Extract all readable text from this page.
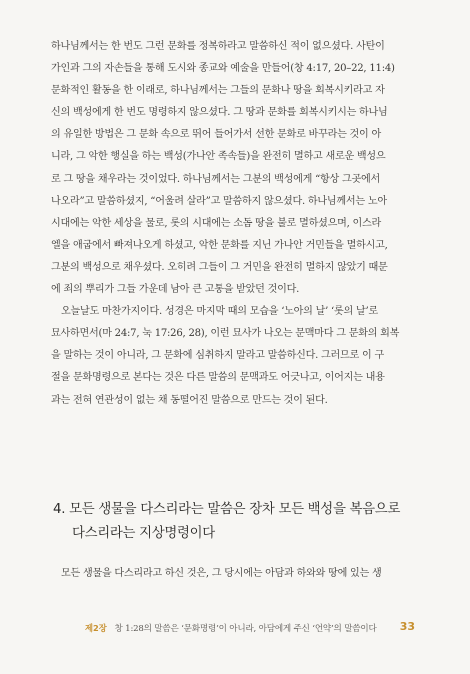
하나님께서는 한 번도 그런 문화를 정복하라고 말씀하신 적이 없으셨다. 사탄이
가인과 그의 자손들을 통해 도시와 종교와 예술을 만들어(창 4:17, 20–22, 11:4)
문화적인 활동을 한 이래로, 하나님께서는 그들의 문화나 땅을 회복시키라고 자
신의 백성에게 한 번도 명령하지 않으셨다. 그 땅과 문화를 회복시키시는 하나님
의 유일한 방법은 그 문화 속으로 뛰어 들어가서 선한 문화로 바꾸라는 것이 아
니라, 그 악한 행실을 하는 백성(가나안 족속들)을 완전히 멸하고 새로운 백성으
로 그 땅을 채우라는 것이었다. 하나님께서는 그분의 백성에게 “항상 그곳에서
나오라”고 말씀하셨지, “어울려 살라”고 말씀하지 않으셨다. 하나님께서는 노아
시대에는 악한 세상을 물로, 롯의 시대에는 소돔 땅을 불로 멸하셨으며, 이스라
엘을 애굽에서 빠져나오게 하셨고, 악한 문화를 지닌 가나안 거민들을 멸하시고,
그분의 백성으로 채우셨다. 오히려 그들이 그 거민을 완전히 멸하지 않았기 때문
에 죄의 뿌리가 그들 가운데 남아 큰 고통을 받았던 것이다.
오늘날도 마찬가지이다. 성경은 마지막 때의 모습을 ‘노아의 날’ ‘롯의 날’로
묘사하면서(마 24:7, 눅 17:26, 28), 이런 묘사가 나오는 문맥마다 그 문화의 회복
을 말하는 것이 아니라, 그 문화에 심취하지 말라고 말씀하신다. 그러므로 이 구
절을 문화명령으로 본다는 것은 다른 말씀의 문맥과도 어긋나고, 이어지는 내용
과는 전혀 연관성이 없는 채 동떨어진 말씀으로 만드는 것이 된다.
4. 모든 생물을 다스리라는 말씀은 장차 모든 백성을 복음으로
다스리라는 지상명령이다
모든 생물을 다스리라고 하신 것은, 그 당시에는 아담과 하와와 땅에 있는 생
제2장 창 1:28의 말씀은 ‘문화명령’이 아니라, 아담에게 주신 ‘언약’의 말씀이다 33
